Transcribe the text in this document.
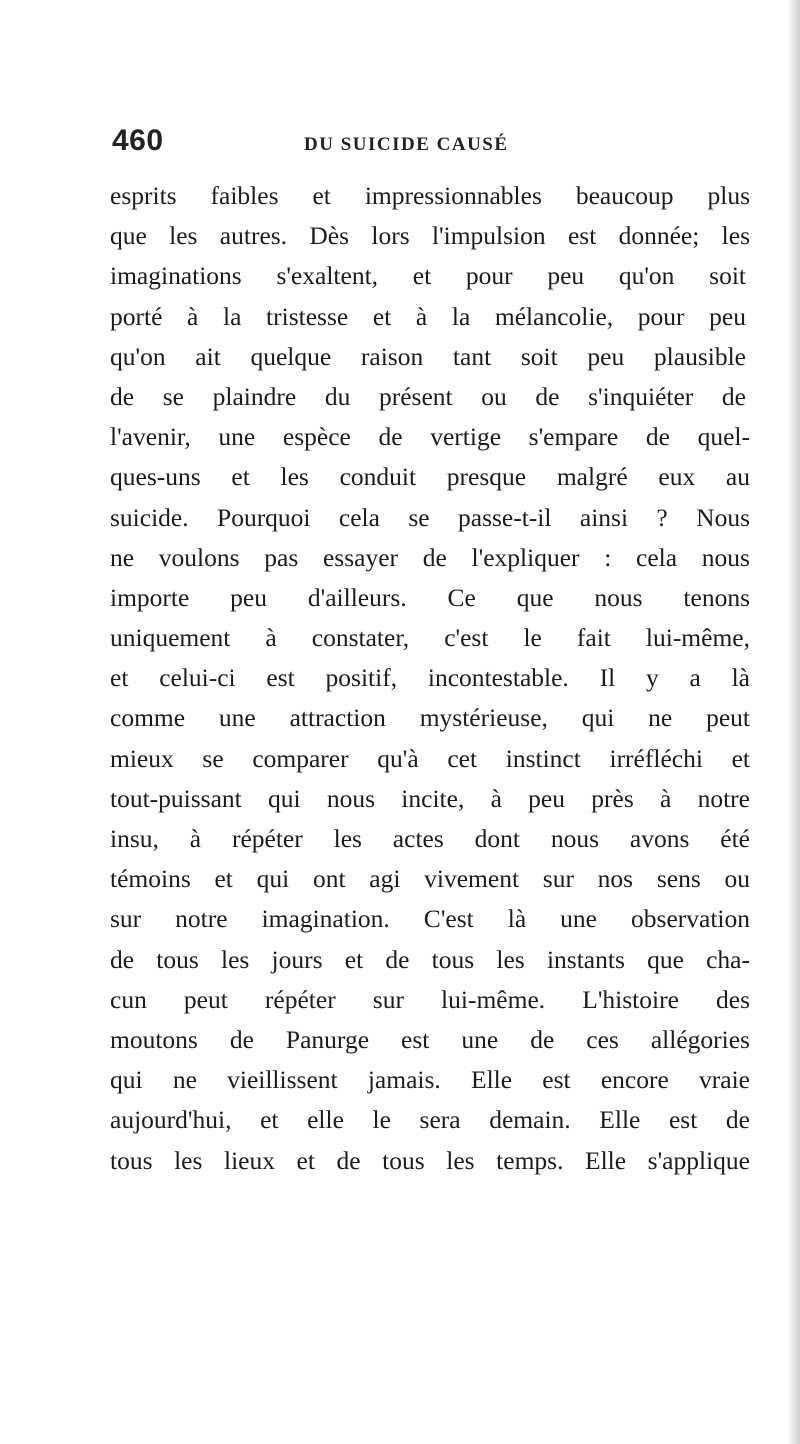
460	DU SUICIDE CAUSÉ
esprits faibles et impressionnables beaucoup plus
que les autres. Dès lors l'impulsion est donnée; les
imaginations s'exaltent, et pour peu qu'on soit
porté à la tristesse et à la mélancolie, pour peu
qu'on ait quelque raison tant soit peu plausible
de se plaindre du présent ou de s'inquiéter de
l'avenir, une espèce de vertige s'empare de quel-
ques-uns et les conduit presque malgré eux au
suicide. Pourquoi cela se passe-t-il ainsi ? Nous
ne voulons pas essayer de l'expliquer : cela nous
importe peu d'ailleurs. Ce que nous tenons
uniquement à constater, c'est le fait lui-même,
et celui-ci est positif, incontestable. Il y a là
comme une attraction mystérieuse, qui ne peut
mieux se comparer qu'à cet instinct irréfléchi et
tout-puissant qui nous incite, à peu près à notre
insu, à répéter les actes dont nous avons été
témoins et qui ont agi vivement sur nos sens ou
sur notre imagination. C'est là une observation
de tous les jours et de tous les instants que cha-
cun peut répéter sur lui-même. L'histoire des
moutons de Panurge est une de ces allégories
qui ne vieillissent jamais. Elle est encore vraie
aujourd'hui, et elle le sera demain. Elle est de
tous les lieux et de tous les temps. Elle s'applique
